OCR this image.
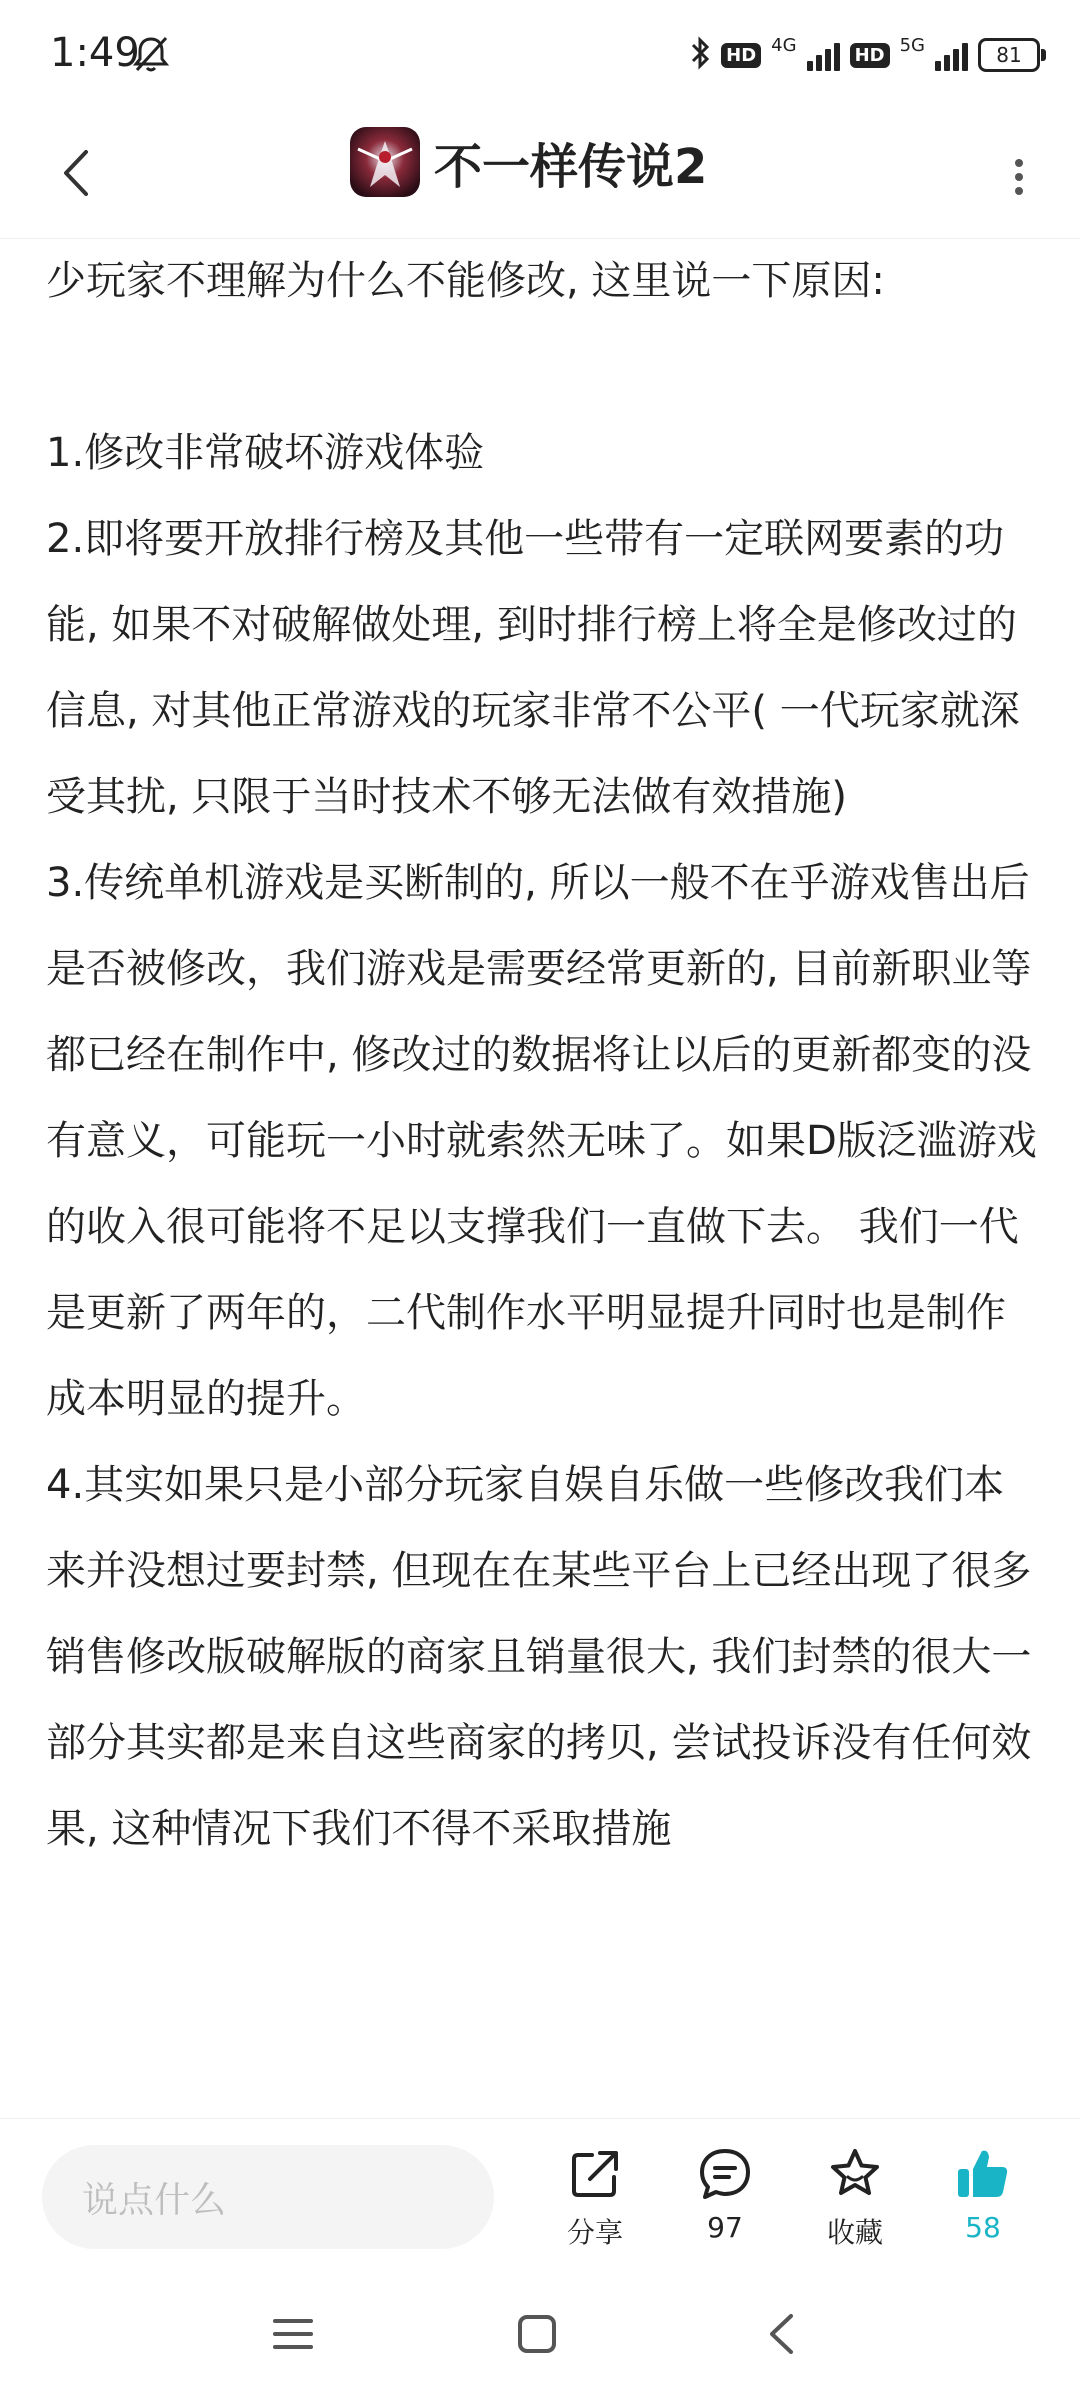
1:49	HD 4G	HD 5G	81
不一样传说2

少玩家不理解为什么不能修改, 这里说一下原因:

1.修改非常破坏游戏体验

2.即将要开放排行榜及其他一些带有一定联网要素的功能, 如果不对破解做处理, 到时排行榜上将全是修改过的信息, 对其他正常游戏的玩家非常不公平( 一代玩家就深受其扰, 只限于当时技术不够无法做有效措施)

3.传统单机游戏是买断制的, 所以一般不在乎游戏售出后是否被修改，我们游戏是需要经常更新的, 目前新职业等都已经在制作中, 修改过的数据将让以后的更新都变的没有意义，可能玩一小时就索然无味了。如果D版泛滥游戏的收入很可能将不足以支撑我们一直做下去。 我们一代是更新了两年的，二代制作水平明显提升同时也是制作成本明显的提升。

4.其实如果只是小部分玩家自娱自乐做一些修改我们本来并没想过要封禁, 但现在在某些平台上已经出现了很多销售修改版破解版的商家且销量很大, 我们封禁的很大一部分其实都是来自这些商家的拷贝, 尝试投诉没有任何效果, 这种情况下我们不得不采取措施

说点什么
分享	97	收藏	58
